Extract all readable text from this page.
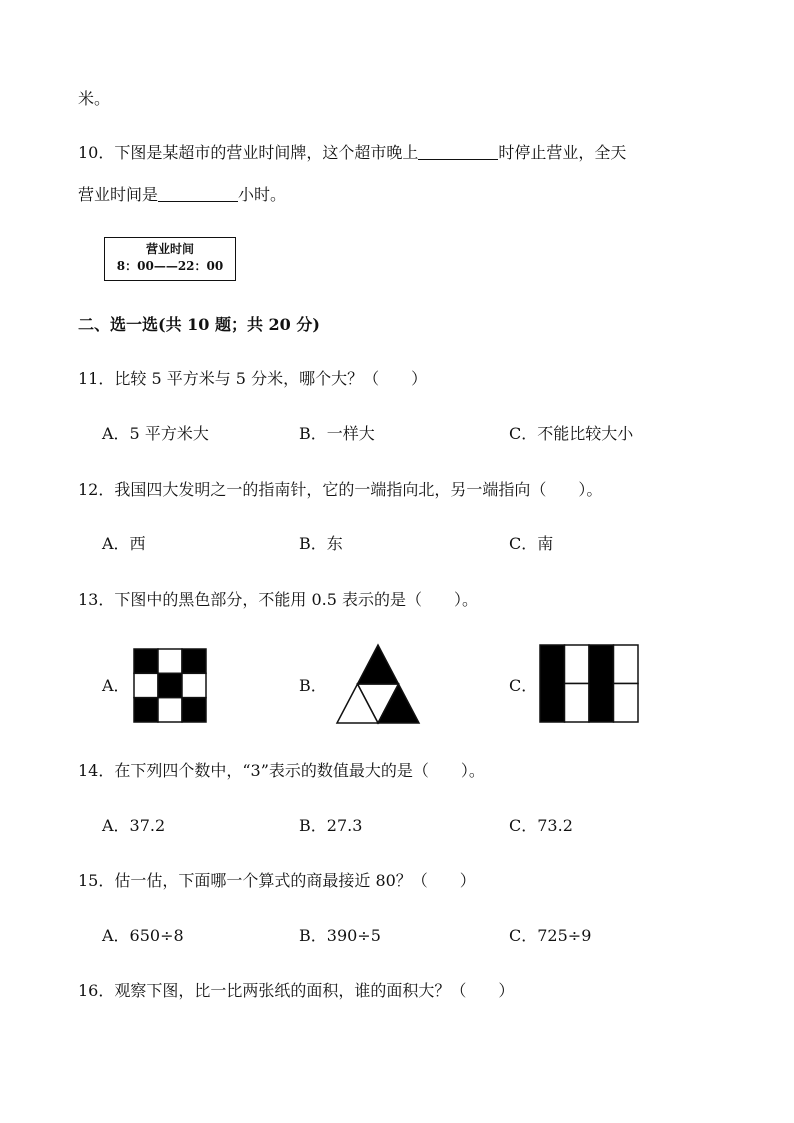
米。
10．下图是某超市的营业时间牌，这个超市晚上	时停止营业，全天
营业时间是	小时。
营业时间
8：00——22：00
二、选一选(共 10 题；共 20 分)
11．比较 5 平方米与 5 分米，哪个大？（　　）
A．5 平方米大	B．一样大	C．不能比较大小
12．我国四大发明之一的指南针，它的一端指向北，另一端指向（　　）。
A．西	B．东	C．南
13．下图中的黑色部分，不能用 0.5 表示的是（　　）。
A．	B．	C．
14．在下列四个数中，“3”表示的数值最大的是（　　）。
A．37.2	B．27.3	C．73.2
15．估一估，下面哪一个算式的商最接近 80？（　　）
A．650÷8	B．390÷5	C．725÷9
16．观察下图，比一比两张纸的面积，谁的面积大？（　　）
